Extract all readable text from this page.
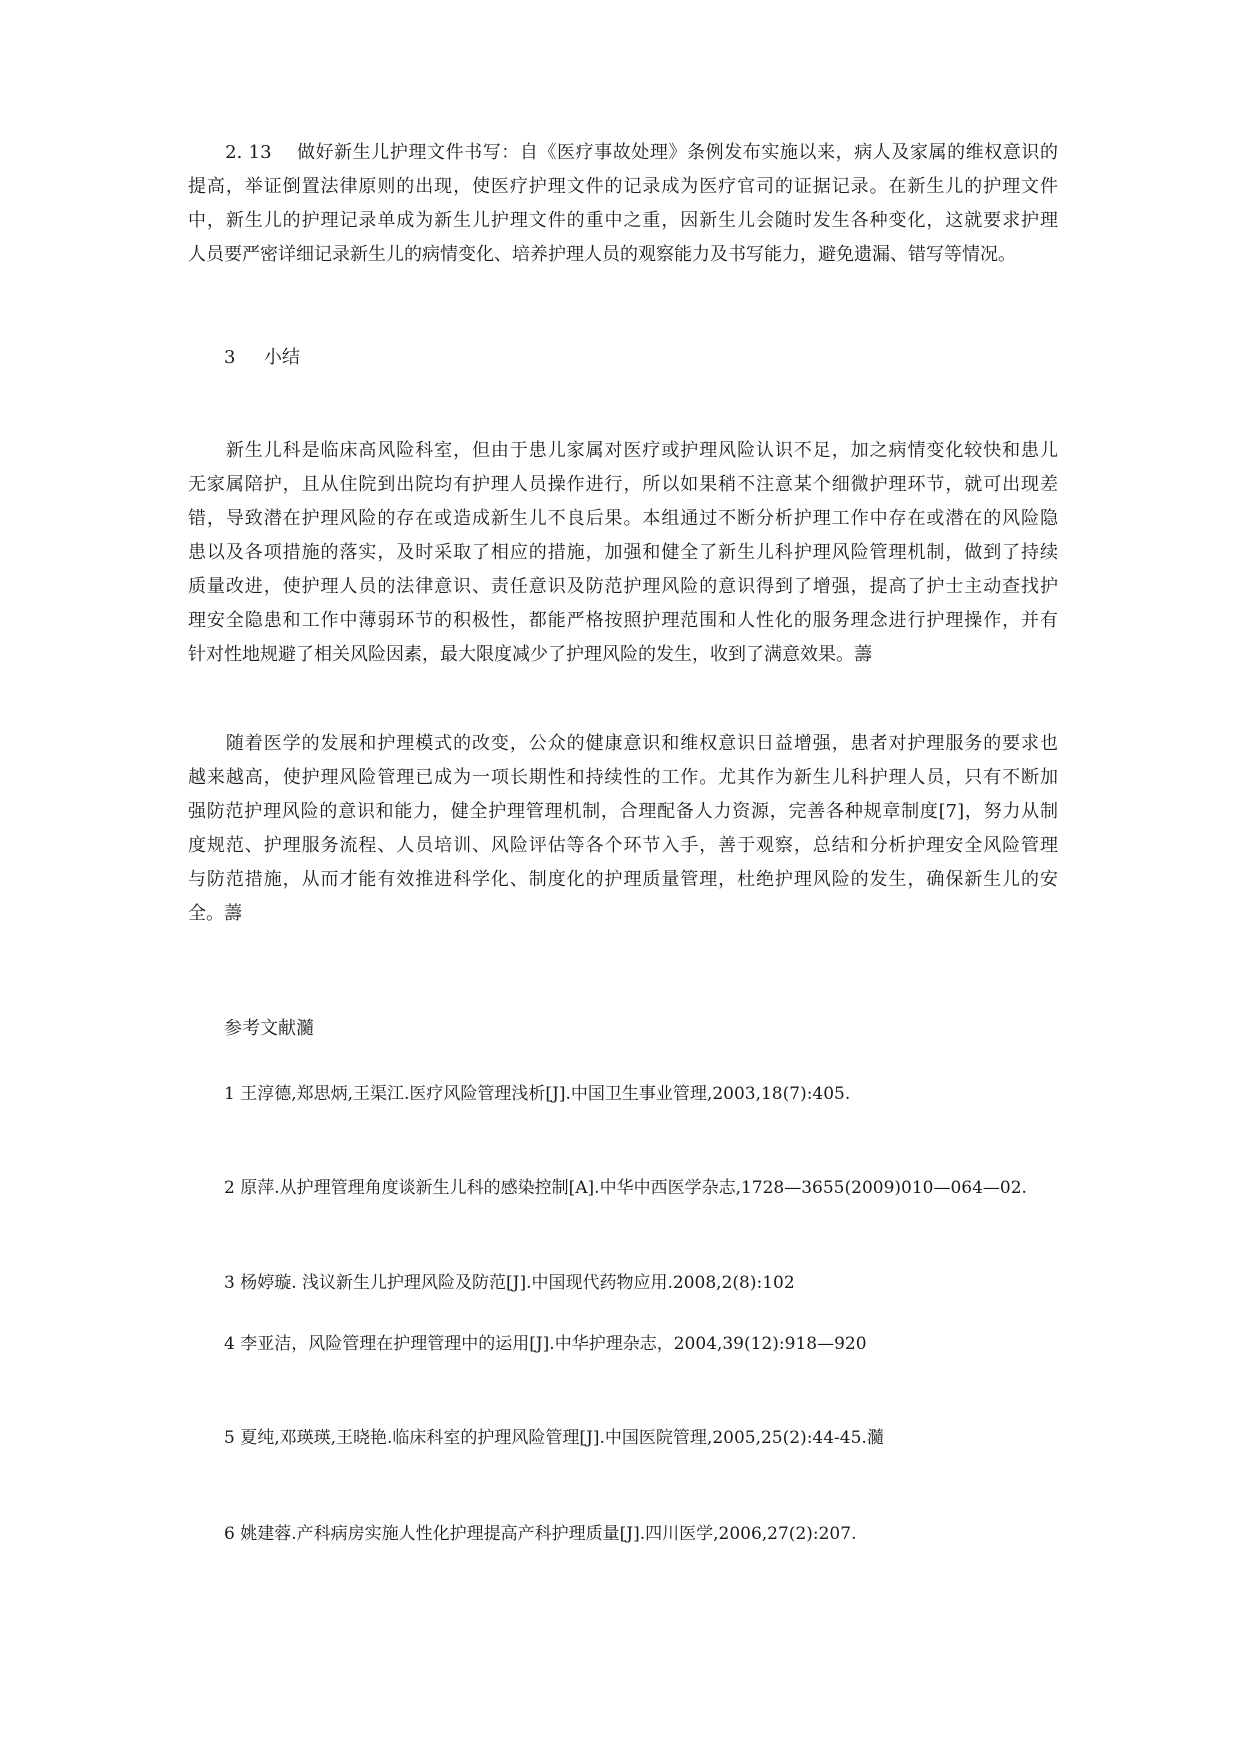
　　2. 13　 做好新生儿护理文件书写：自《医疗事故处理》条例发布实施以来，病人及家属的维权意识的
提高，举证倒置法律原则的出现，使医疗护理文件的记录成为医疗官司的证据记录。在新生儿的护理文件
中，新生儿的护理记录单成为新生儿护理文件的重中之重，因新生儿会随时发生各种变化，这就要求护理
人员要严密详细记录新生儿的病情变化、培养护理人员的观察能力及书写能力，避免遗漏、错写等情况。
3 小结
　　新生儿科是临床高风险科室，但由于患儿家属对医疗或护理风险认识不足，加之病情变化较快和患儿
无家属陪护，且从住院到出院均有护理人员操作进行，所以如果稍不注意某个细微护理环节，就可出现差
错，导致潜在护理风险的存在或造成新生儿不良后果。本组通过不断分析护理工作中存在或潜在的风险隐
患以及各项措施的落实，及时采取了相应的措施，加强和健全了新生儿科护理风险管理机制，做到了持续
质量改进，使护理人员的法律意识、责任意识及防范护理风险的意识得到了增强，提高了护士主动查找护
理安全隐患和工作中薄弱环节的积极性，都能严格按照护理范围和人性化的服务理念进行护理操作，并有
针对性地规避了相关风险因素，最大限度减少了护理风险的发生，收到了满意效果。薵
　　随着医学的发展和护理模式的改变，公众的健康意识和维权意识日益增强，患者对护理服务的要求也
越来越高，使护理风险管理已成为一项长期性和持续性的工作。尤其作为新生儿科护理人员，只有不断加
强防范护理风险的意识和能力，健全护理管理机制，合理配备人力资源，完善各种规章制度[7]，努力从制
度规范、护理服务流程、人员培训、风险评估等各个环节入手，善于观察，总结和分析护理安全风险管理
与防范措施，从而才能有效推进科学化、制度化的护理质量管理，杜绝护理风险的发生，确保新生儿的安
全。薵
参考文献瀡
1 王淳德,郑思炳,王渠江.医疗风险管理浅析[J].中国卫生事业管理,2003,18(7):405.
2 原萍.从护理管理角度谈新生儿科的感染控制[A].中华中西医学杂志,1728—3655(2009)010—064—02.
3 杨婷璇. 浅议新生儿护理风险及防范[J].中国现代药物应用.2008,2(8):102
4 李亚洁，风险管理在护理管理中的运用[J].中华护理杂志，2004,39(12):918—920
5 夏纯,邓瑛瑛,王晓艳.临床科室的护理风险管理[J].中国医院管理,2005,25(2):44-45.瀡
6 姚建蓉.产科病房实施人性化护理提高产科护理质量[J].四川医学,2006,27(2):207.
